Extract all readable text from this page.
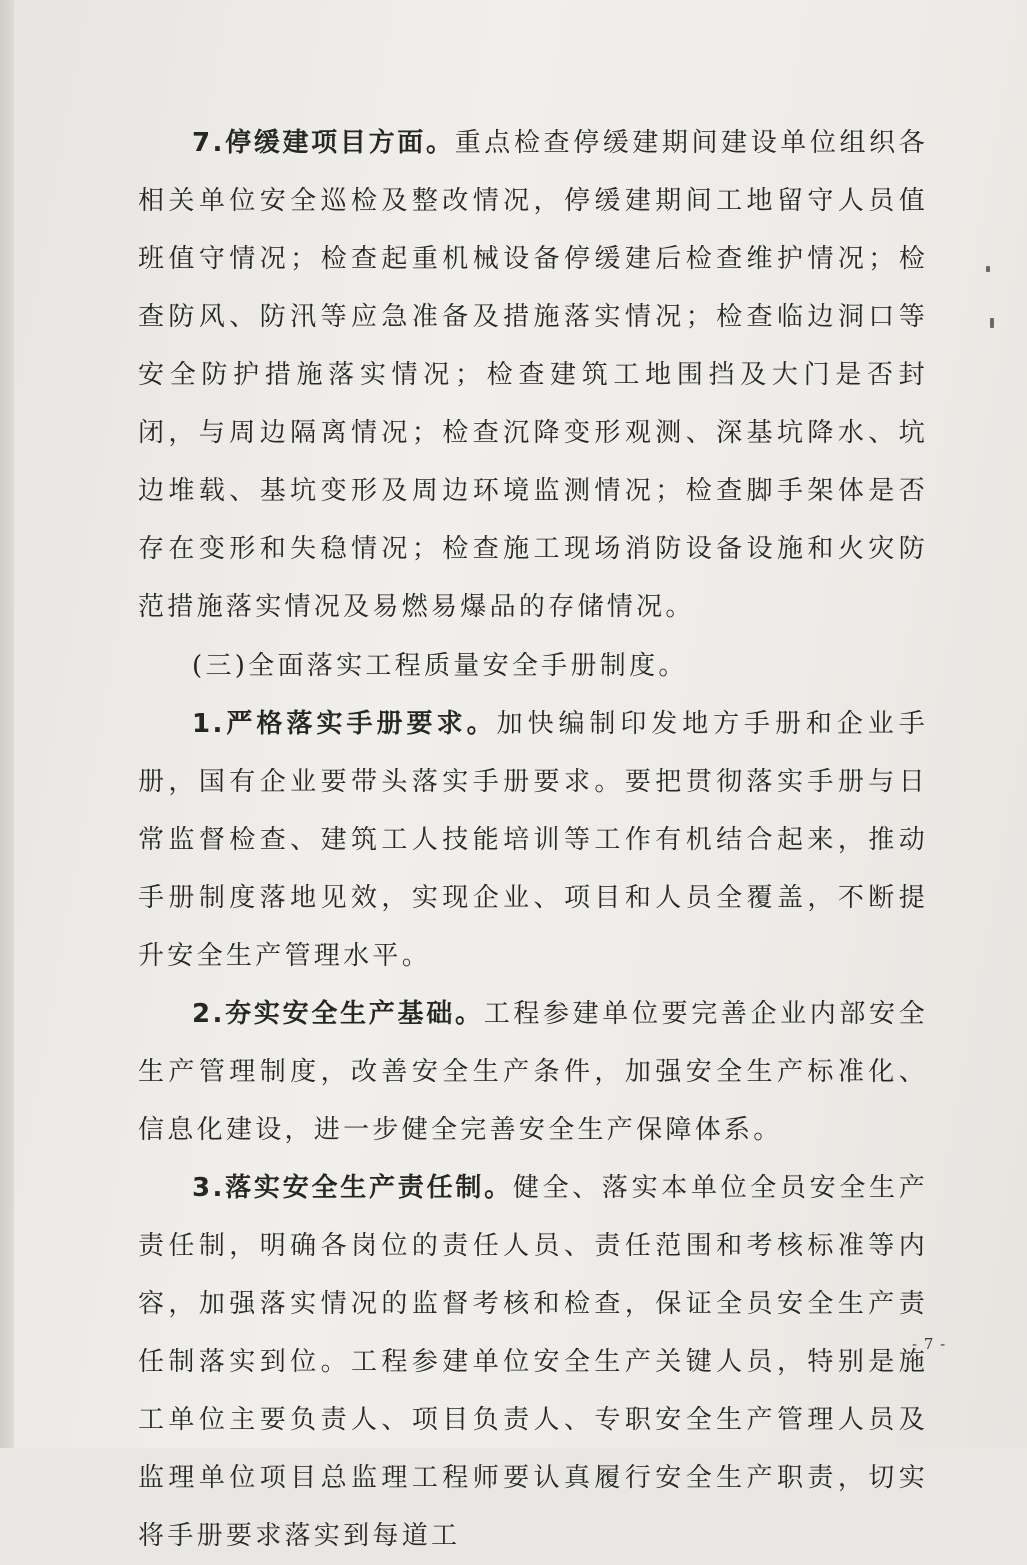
7.停缓建项目方面。重点检查停缓建期间建设单位组织各相关单位安全巡检及整改情况，停缓建期间工地留守人员值班值守情况；检查起重机械设备停缓建后检查维护情况；检查防风、防汛等应急准备及措施落实情况；检查临边洞口等安全防护措施落实情况；检查建筑工地围挡及大门是否封闭，与周边隔离情况；检查沉降变形观测、深基坑降水、坑边堆载、基坑变形及周边环境监测情况；检查脚手架体是否存在变形和失稳情况；检查施工现场消防设备设施和火灾防范措施落实情况及易燃易爆品的存储情况。

(三)全面落实工程质量安全手册制度。

1.严格落实手册要求。加快编制印发地方手册和企业手册，国有企业要带头落实手册要求。要把贯彻落实手册与日常监督检查、建筑工人技能培训等工作有机结合起来，推动手册制度落地见效，实现企业、项目和人员全覆盖，不断提升安全生产管理水平。

2.夯实安全生产基础。工程参建单位要完善企业内部安全生产管理制度，改善安全生产条件，加强安全生产标准化、信息化建设，进一步健全完善安全生产保障体系。

3.落实安全生产责任制。健全、落实本单位全员安全生产责任制，明确各岗位的责任人员、责任范围和考核标准等内容，加强落实情况的监督考核和检查，保证全员安全生产责任制落实到位。工程参建单位安全生产关键人员，特别是施工单位主要负责人、项目负责人、专职安全生产管理人员及监理单位项目总监理工程师要认真履行安全生产职责，切实将手册要求落实到每道工

- 7 -
